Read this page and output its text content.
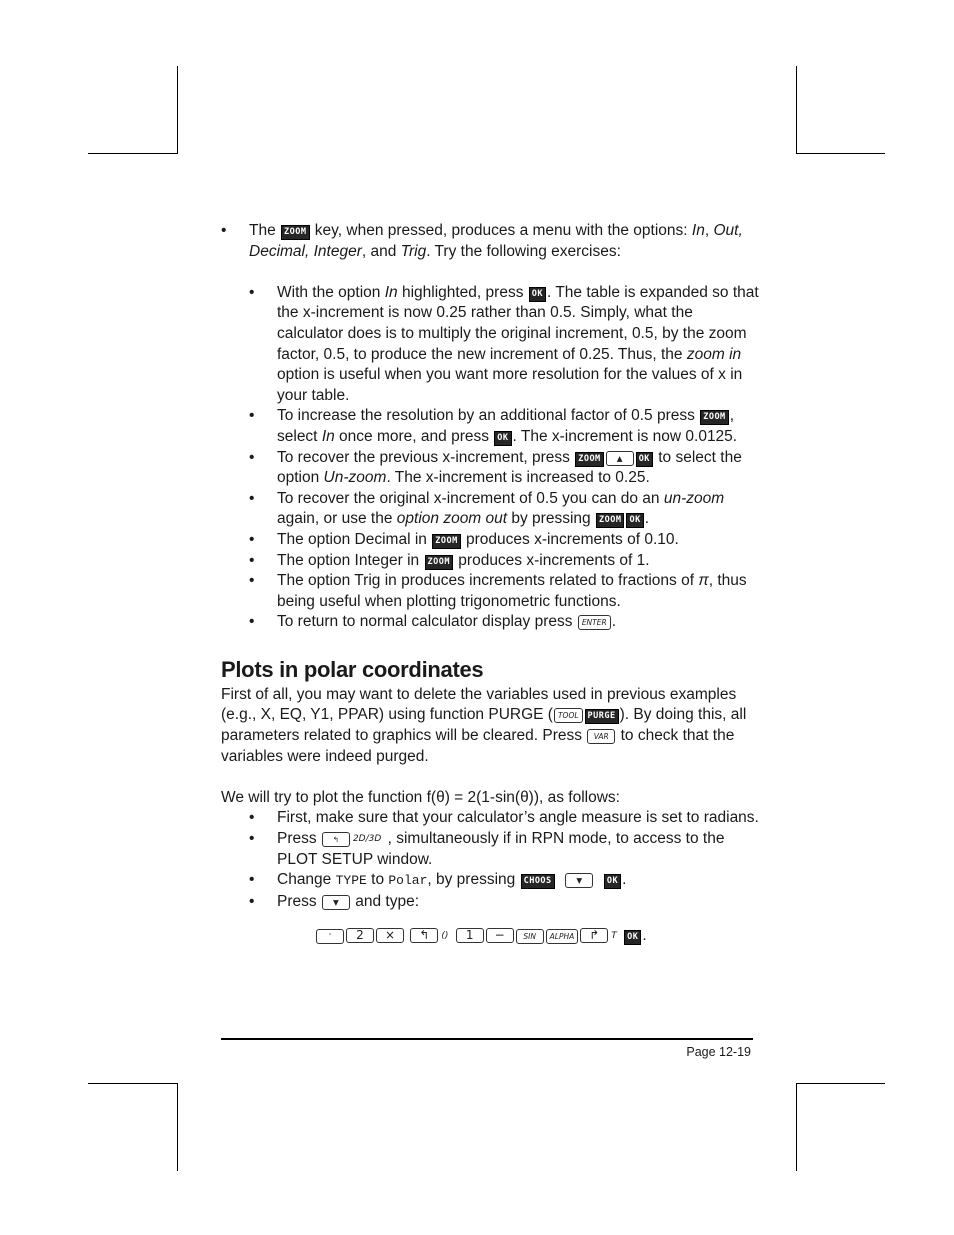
• The ZOOM key, when pressed, produces a menu with the options: In, Out, Decimal, Integer, and Trig. Try the following exercises:
• With the option In highlighted, press OK . The table is expanded so that the x-increment is now 0.25 rather than 0.5. Simply, what the calculator does is to multiply the original increment, 0.5, by the zoom factor, 0.5, to produce the new increment of 0.25. Thus, the zoom in option is useful when you want more resolution for the values of x in your table.
• To increase the resolution by an additional factor of 0.5 press ZOOM , select In once more, and press OK . The x-increment is now 0.0125.
• To recover the previous x-increment, press ZOOM ▲ OK to select the option Un-zoom. The x-increment is increased to 0.25.
• To recover the original x-increment of 0.5 you can do an un-zoom again, or use the option zoom out by pressing ZOOM OK .
• The option Decimal in ZOOM produces x-increments of 0.10.
• The option Integer in ZOOM produces x-increments of 1.
• The option Trig in produces increments related to fractions of π, thus being useful when plotting trigonometric functions.
• To return to normal calculator display press ENTER .
Plots in polar coordinates
First of all, you may want to delete the variables used in previous examples (e.g., X, EQ, Y1, PPAR) using function PURGE ( TOOL PURGE ). By doing this, all parameters related to graphics will be cleared. Press VAR to check that the variables were indeed purged.
We will try to plot the function f(θ) = 2(1-sin(θ)), as follows:
• First, make sure that your calculator’s angle measure is set to radians.
• Press ↰ 2D/3D , simultaneously if in RPN mode, to access to the PLOT SETUP window.
• Change TYPE to Polar, by pressing CHOOS	▼	OK .
• Press ▼ and type:
' 2 × ↰ () 1 − SIN ALPHA ↱ T OK .
Page 12-19
